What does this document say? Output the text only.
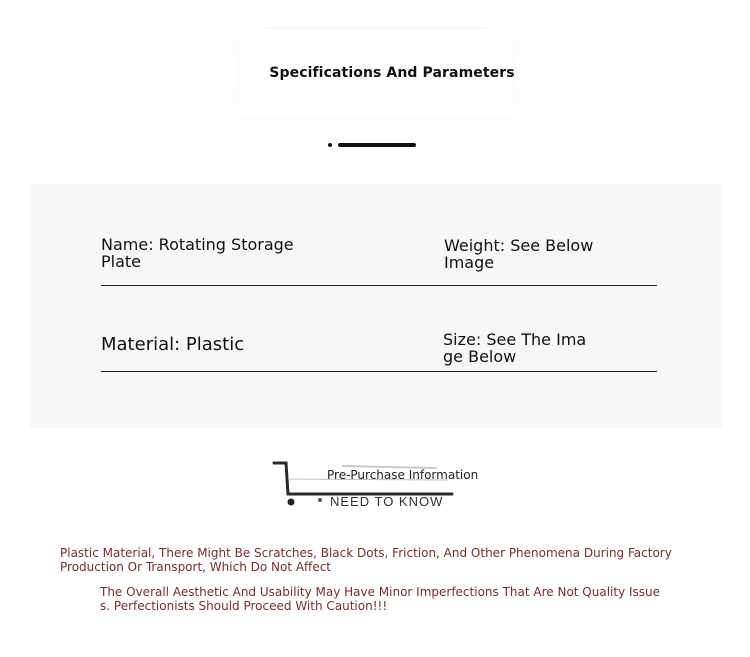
Specifications And Parameters
Name: Rotating Storage Plate
Weight: See Below Image
Material: Plastic	Size: See The Image Below
NEED TO KNOW
Pre-Purchase Information
Plastic Material, There Might Be Scratches, Black Dots, Friction, And Other Phenomena During Factory Production Or Transport, Which Do Not Affect
The Overall Aesthetic And Usability May Have Minor Imperfections That Are Not Quality Issues. Perfectionists Should Proceed With Caution!!!
